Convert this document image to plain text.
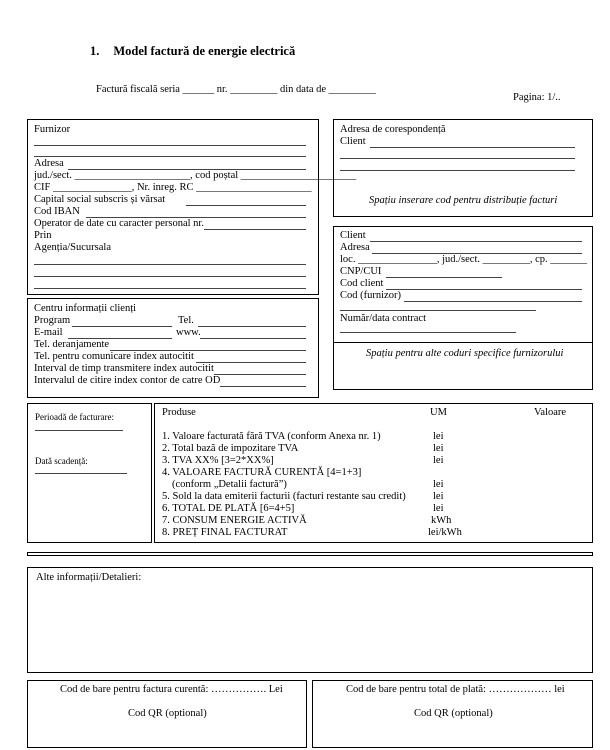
1. Model factură de energie electrică
Factură fiscală seria ______ nr. _________ din data de _________
Pagina: 1/..
Furnizor
Adresa
jud./sect. ______________________, cod poștal ______________________
CIF _______________, Nr. inreg. RC ______________________
Capital social subscris și vărsat
Cod IBAN
Operator de date cu caracter personal nr.
Prin
Agenția/Sucursala
Adresa de corespondență
Client
Spațiu inserare cod pentru distribuție facturi
Client
Adresa
loc. _______________, jud./sect. _________, cp. _______
CNP/CUI
Cod client
Cod (furnizor)
Număr/data contract
Spațiu pentru alte coduri specifice furnizorului
Centru informații clienți
Program	Tel.
E-mail	www.
Tel. deranjamente
Tel. pentru comunicare index autocitit
Interval de timp transmitere index autocitit
Intervalul de citire index contor de catre OD
Perioadă de facturare:
Dată scadență:
Produse	UM	Valoare
1. Valoare facturată fără TVA (conform Anexa nr. 1)	lei
2. Total bază de impozitare TVA	lei
3. TVA XX% [3=2*XX%]	lei
4. VALOARE FACTURĂ CURENTĂ [4=1+3]
(conform „Detalii factură”)	lei
5. Sold la data emiterii facturii (facturi restante sau credit)	lei
6. TOTAL DE PLATĂ [6=4+5]	lei
7. CONSUM ENERGIE ACTIVĂ	kWh
8. PREȚ FINAL FACTURAT	lei/kWh
Alte informații/Detalieri:
Cod de bare pentru factura curentă: ……………. Lei
Cod QR (optional)
Cod de bare pentru total de plată: ……………… lei
Cod QR (optional)
